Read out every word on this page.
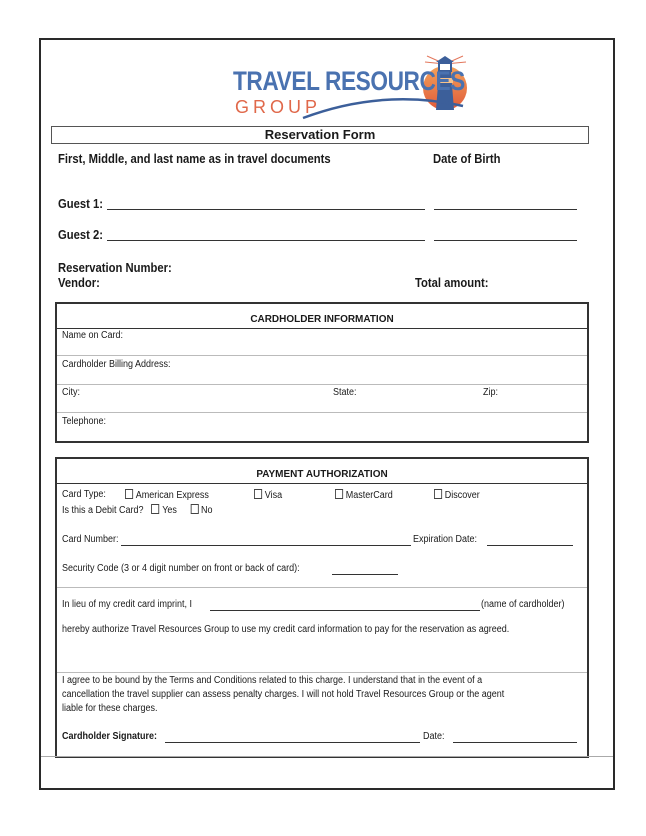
TRAVEL RESOURCES
GROUP
Reservation Form
First, Middle, and last name as in travel documents	Date of Birth
Guest 1:
Guest 2:
Reservation Number:
Vendor:	Total amount:
CARDHOLDER INFORMATION
Name on Card:
Cardholder Billing Address:
City:	State:	Zip:
Telephone:
PAYMENT AUTHORIZATION
Card Type:	American Express	Visa	MasterCard	Discover
Is this a Debit Card? Yes No
Card Number:	Expiration Date:
Security Code (3 or 4 digit number on front or back of card):
In lieu of my credit card imprint, I	(name of cardholder)
hereby authorize Travel Resources Group to use my credit card information to pay for the reservation as agreed.
I agree to be bound by the Terms and Conditions related to this charge. I understand that in the event of a
cancellation the travel supplier can assess penalty charges. I will not hold Travel Resources Group or the agent
liable for these charges.
Cardholder Signature:	Date:
